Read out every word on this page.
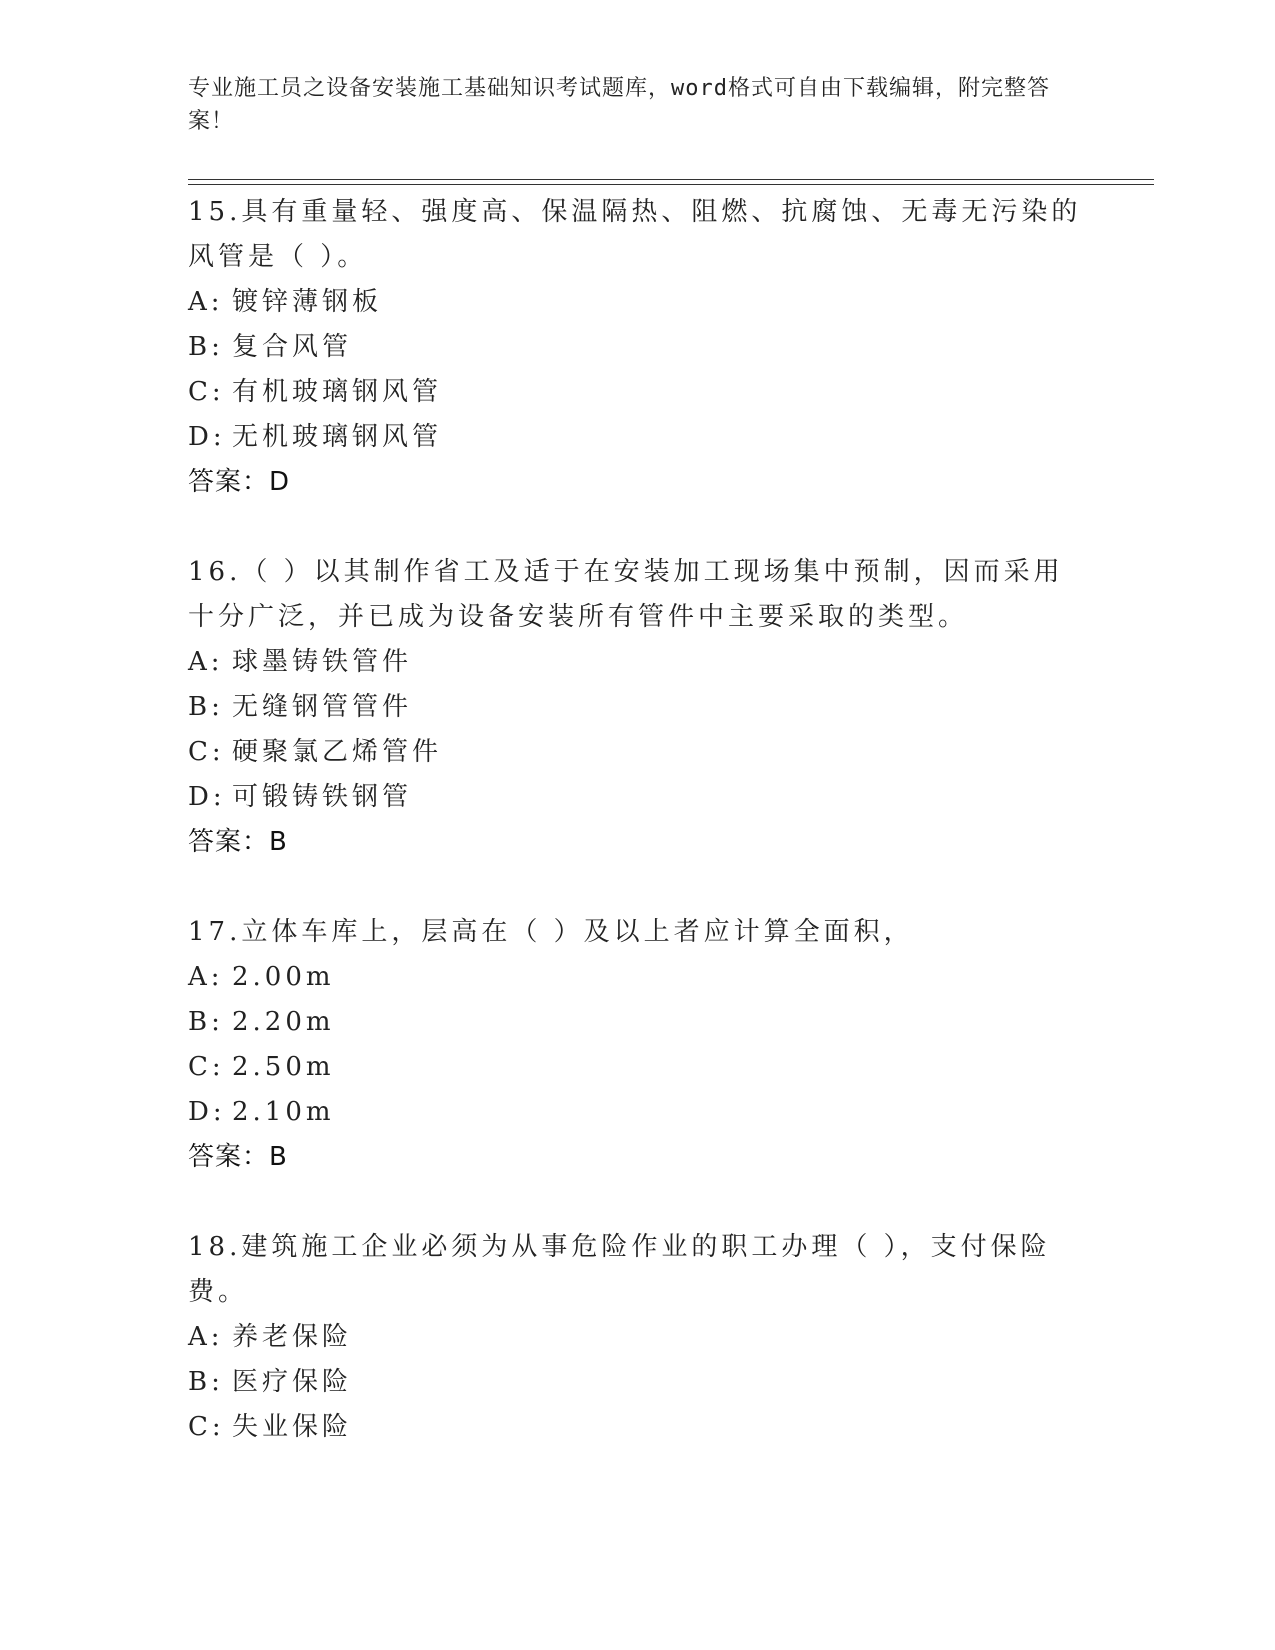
专业施工员之设备安装施工基础知识考试题库，word格式可自由下载编辑，附完整答案！
15.具有重量轻、强度高、保温隔热、阻燃、抗腐蚀、无毒无污染的风管是（ ）。
A: 镀锌薄钢板
B: 复合风管
C: 有机玻璃钢风管
D: 无机玻璃钢风管
答案：D
16.（ ）以其制作省工及适于在安装加工现场集中预制，因而采用十分广泛，并已成为设备安装所有管件中主要采取的类型。
A: 球墨铸铁管件
B: 无缝钢管管件
C: 硬聚氯乙烯管件
D: 可锻铸铁钢管
答案：B
17.立体车库上，层高在（ ）及以上者应计算全面积，
A: 2.00m
B: 2.20m
C: 2.50m
D: 2.10m
答案：B
18.建筑施工企业必须为从事危险作业的职工办理（ ），支付保险费。
A: 养老保险
B: 医疗保险
C: 失业保险
